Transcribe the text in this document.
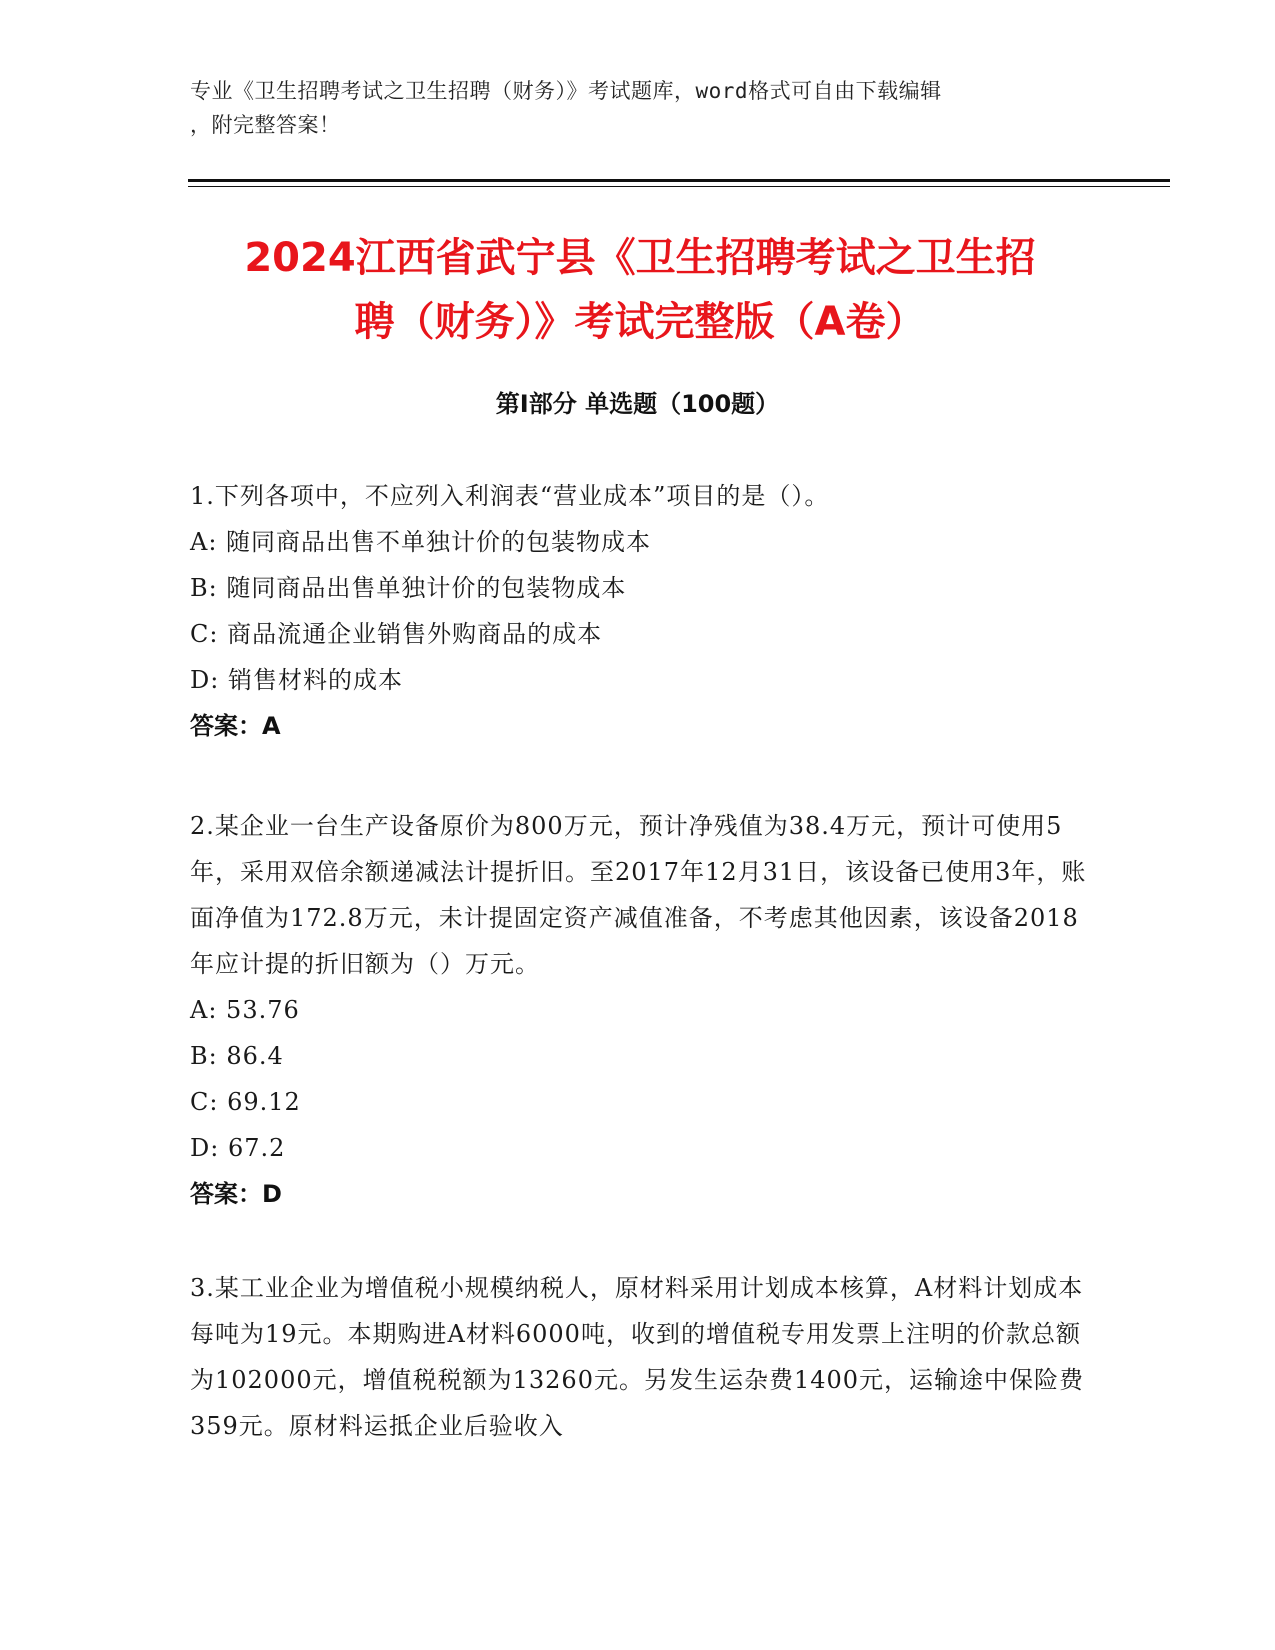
专业《卫生招聘考试之卫生招聘（财务）》考试题库，word格式可自由下载编辑
，附完整答案！
2024江西省武宁县《卫生招聘考试之卫生招
聘（财务）》考试完整版（A卷）
第Ⅰ部分 单选题（100题）
1.下列各项中，不应列入利润表“营业成本”项目的是（）。
A: 随同商品出售不单独计价的包装物成本
B: 随同商品出售单独计价的包装物成本
C: 商品流通企业销售外购商品的成本
D: 销售材料的成本
答案：A
2.某企业一台生产设备原价为800万元，预计净残值为38.4万元，预计可使用5年，采用双倍余额递减法计提折旧。至2017年12月31日，该设备已使用3年，账面净值为172.8万元，未计提固定资产减值准备，不考虑其他因素，该设备2018年应计提的折旧额为（）万元。
A: 53.76
B: 86.4
C: 69.12
D: 67.2
答案：D
3.某工业企业为增值税小规模纳税人，原材料采用计划成本核算，A材料计划成本每吨为19元。本期购进A材料6000吨，收到的增值税专用发票上注明的价款总额为102000元，增值税税额为13260元。另发生运杂费1400元，运输途中保险费359元。原材料运抵企业后验收入
